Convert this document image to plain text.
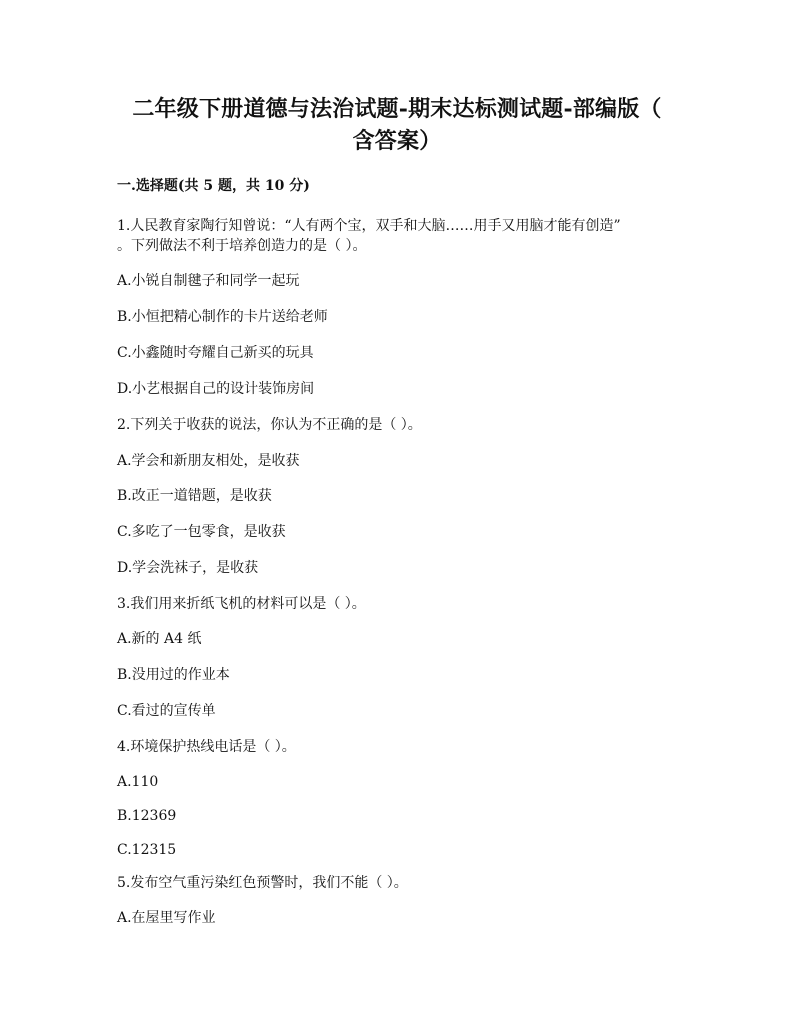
二年级下册道德与法治试题-期末达标测试题-部编版（
含答案）
一.选择题(共 5 题，共 10 分)
1.人民教育家陶行知曾说：“人有两个宝，双手和大脑……用手又用脑才能有创造”
。下列做法不利于培养创造力的是（ ）。
A.小锐自制毽子和同学一起玩
B.小恒把精心制作的卡片送给老师
C.小鑫随时夸耀自己新买的玩具
D.小艺根据自己的设计装饰房间
2.下列关于收获的说法，你认为不正确的是（ ）。
A.学会和新朋友相处，是收获
B.改正一道错题，是收获
C.多吃了一包零食，是收获
D.学会洗袜子，是收获
3.我们用来折纸飞机的材料可以是（ ）。
A.新的 A4 纸
B.没用过的作业本
C.看过的宣传单
4.环境保护热线电话是（ ）。
A.110
B.12369
C.12315
5.发布空气重污染红色预警时，我们不能（ ）。
A.在屋里写作业
